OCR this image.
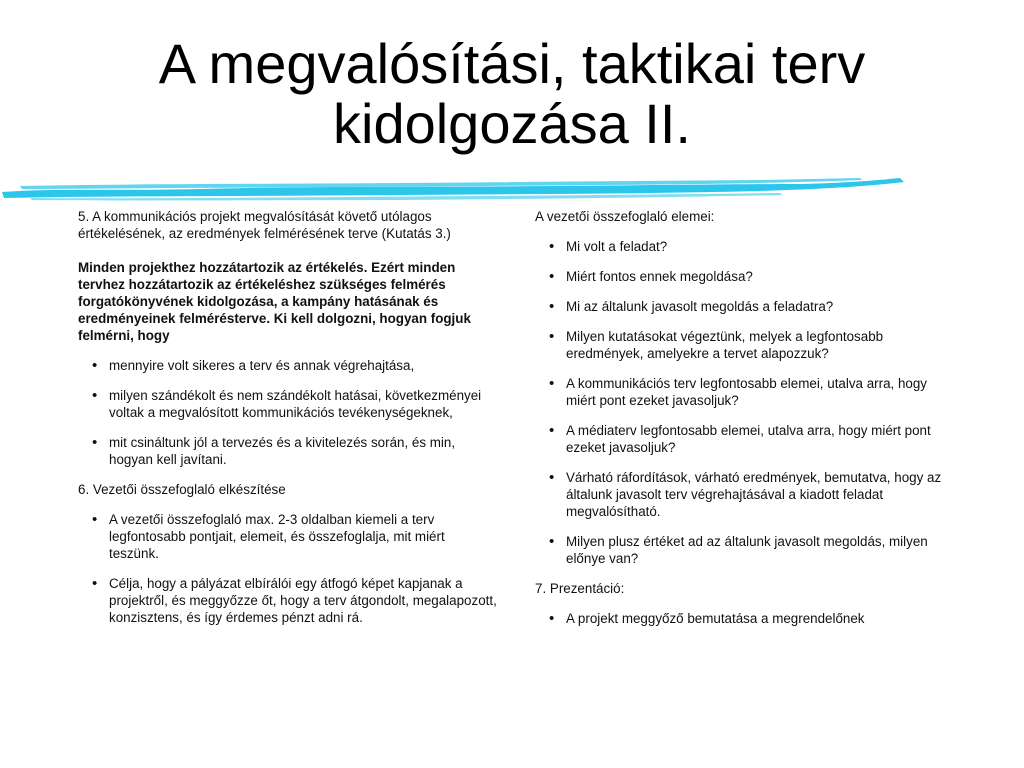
A megvalósítási, taktikai terv
kidolgozása II.

5. A kommunikációs projekt megvalósítását követő utólagos értékelésének, az eredmények felmérésének terve (Kutatás 3.)

Minden projekthez hozzátartozik az értékelés. Ezért minden tervhez hozzátartozik az értékeléshez szükséges felmérés forgatókönyvének kidolgozása, a kampány hatásának és eredményeinek felmérésterve. Ki kell dolgozni, hogyan fogjuk felmérni, hogy

• mennyire volt sikeres a terv és annak végrehajtása,
• milyen szándékolt és nem szándékolt hatásai, következményei voltak a megvalósított kommunikációs tevékenységeknek,
• mit csináltunk jól a tervezés és a kivitelezés során, és min, hogyan kell javítani.

6. Vezetői összefoglaló elkészítése

• A vezetői összefoglaló max. 2-3 oldalban kiemeli a terv legfontosabb pontjait, elemeit, és összefoglalja, mit miért teszünk.
• Célja, hogy a pályázat elbírálói egy átfogó képet kapjanak a projektről, és meggyőzze őt, hogy a terv átgondolt, megalapozott, konzisztens, és így érdemes pénzt adni rá.

A vezetői összefoglaló elemei:

• Mi volt a feladat?
• Miért fontos ennek megoldása?
• Mi az általunk javasolt megoldás a feladatra?
• Milyen kutatásokat végeztünk, melyek a legfontosabb eredmények, amelyekre a tervet alapozzuk?
• A kommunikációs terv legfontosabb elemei, utalva arra, hogy miért pont ezeket javasoljuk?
• A médiaterv legfontosabb elemei, utalva arra, hogy miért pont ezeket javasoljuk?
• Várható ráfordítások, várható eredmények, bemutatva, hogy az általunk javasolt terv végrehajtásával a kiadott feladat megvalósítható.
• Milyen plusz értéket ad az általunk javasolt megoldás, milyen előnye van?

7. Prezentáció:

• A projekt meggyőző bemutatása a megrendelőnek
